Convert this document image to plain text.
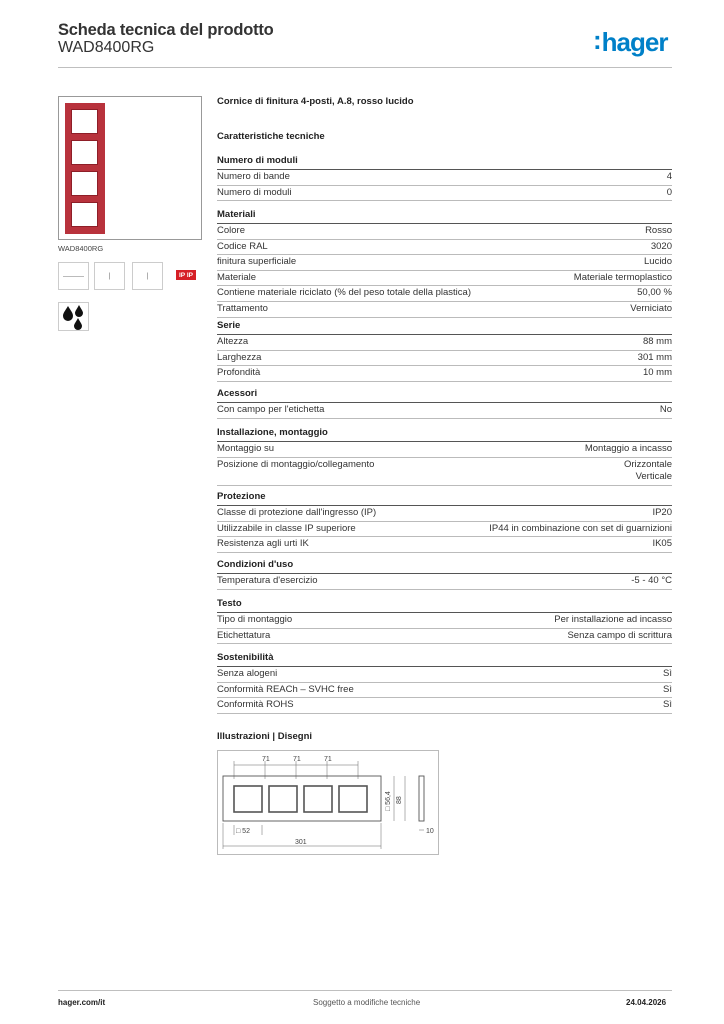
Scheda tecnica del prodotto
WAD8400RG	:hager
WAD8400RG
———	|	|	IP IP
Cornice di finitura 4-posti, A.8, rosso lucido
Caratteristiche tecniche
Numero di moduli
Numero di bande	4
Numero di moduli	0
Materiali
Colore	Rosso
Codice RAL	3020
finitura superficiale	Lucido
Materiale	Materiale termoplastico
Contiene materiale riciclato (% del peso totale della plastica)	50,00 %
Trattamento	Verniciato
Serie
Altezza	88 mm
Larghezza	301 mm
Profondità	10 mm
Acessori
Con campo per l'etichetta	No
Installazione, montaggio
Montaggio su	Montaggio a incasso
Posizione di montaggio/collegamento	Orizzontale
Verticale
Protezione
Classe di protezione dall'ingresso (IP)	IP20
Utilizzabile in classe IP superiore	IP44 in combinazione con set di guarnizioni
Resistenza agli urti IK	IK05
Condizioni d'uso
Temperatura d'esercizio	-5 - 40 °C
Testo
Tipo di montaggio	Per installazione ad incasso
Etichettatura	Senza campo di scrittura
Sostenibilità
Senza alogeni	Sì
Conformità REACh – SVHC free	Sì
Conformità ROHS	Sì
Illustrazioni | Disegni
71	71	71
□ 56,4 88
10
□ 52
301
hager.com/it	Soggetto a modifiche tecniche	24.04.2026
